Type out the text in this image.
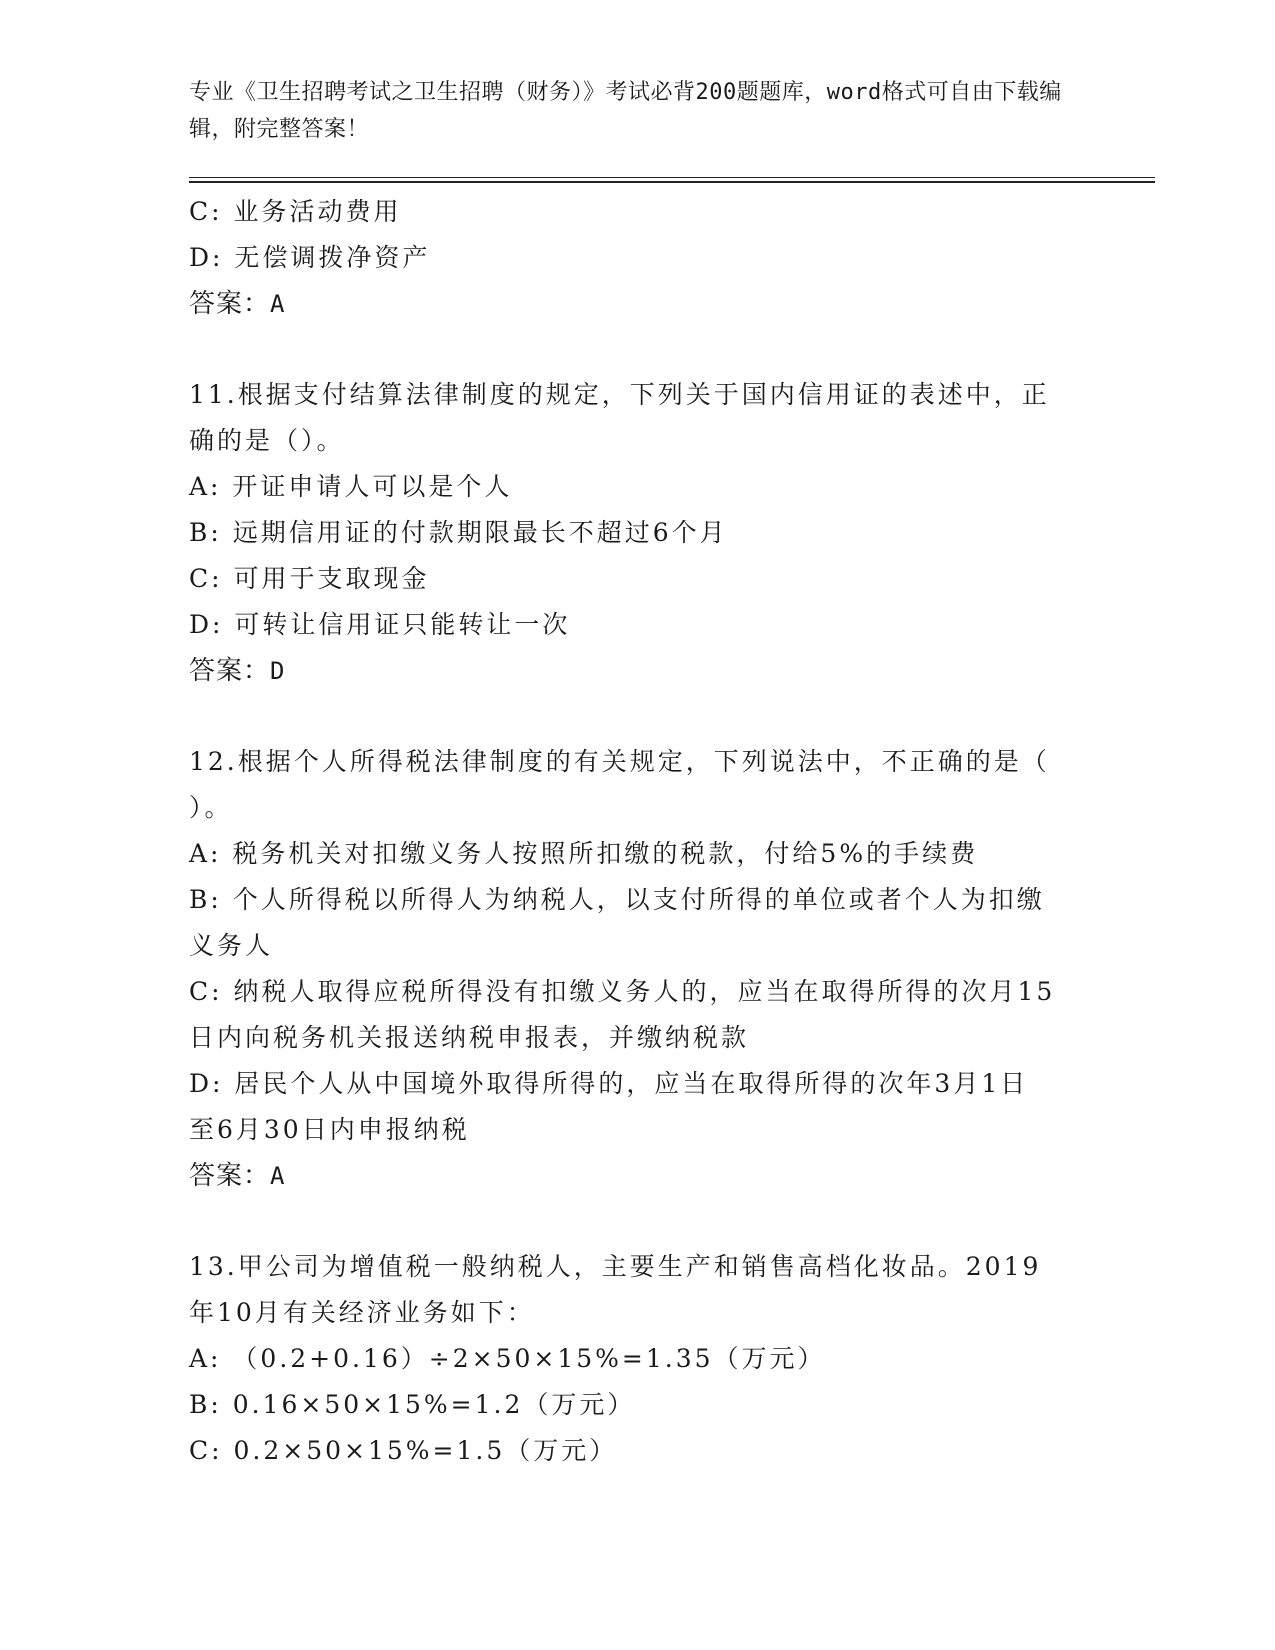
专业《卫生招聘考试之卫生招聘（财务）》考试必背200题题库，word格式可自由下载编辑，附完整答案！
C: 业务活动费用
D: 无偿调拨净资产
答案：A
11.根据支付结算法律制度的规定，下列关于国内信用证的表述中，正
确的是（）。
A: 开证申请人可以是个人
B: 远期信用证的付款期限最长不超过6个月
C: 可用于支取现金
D: 可转让信用证只能转让一次
答案：D
12.根据个人所得税法律制度的有关规定，下列说法中，不正确的是（
）。
A: 税务机关对扣缴义务人按照所扣缴的税款，付给5%的手续费
B: 个人所得税以所得人为纳税人，以支付所得的单位或者个人为扣缴
义务人
C: 纳税人取得应税所得没有扣缴义务人的，应当在取得所得的次月15
日内向税务机关报送纳税申报表，并缴纳税款
D: 居民个人从中国境外取得所得的，应当在取得所得的次年3月1日
至6月30日内申报纳税
答案：A
13.甲公司为增值税一般纳税人，主要生产和销售高档化妆品。2019
年10月有关经济业务如下：
A: （0.2+0.16）÷2×50×15%=1.35（万元）
B: 0.16×50×15%=1.2（万元）
C: 0.2×50×15%=1.5（万元）
